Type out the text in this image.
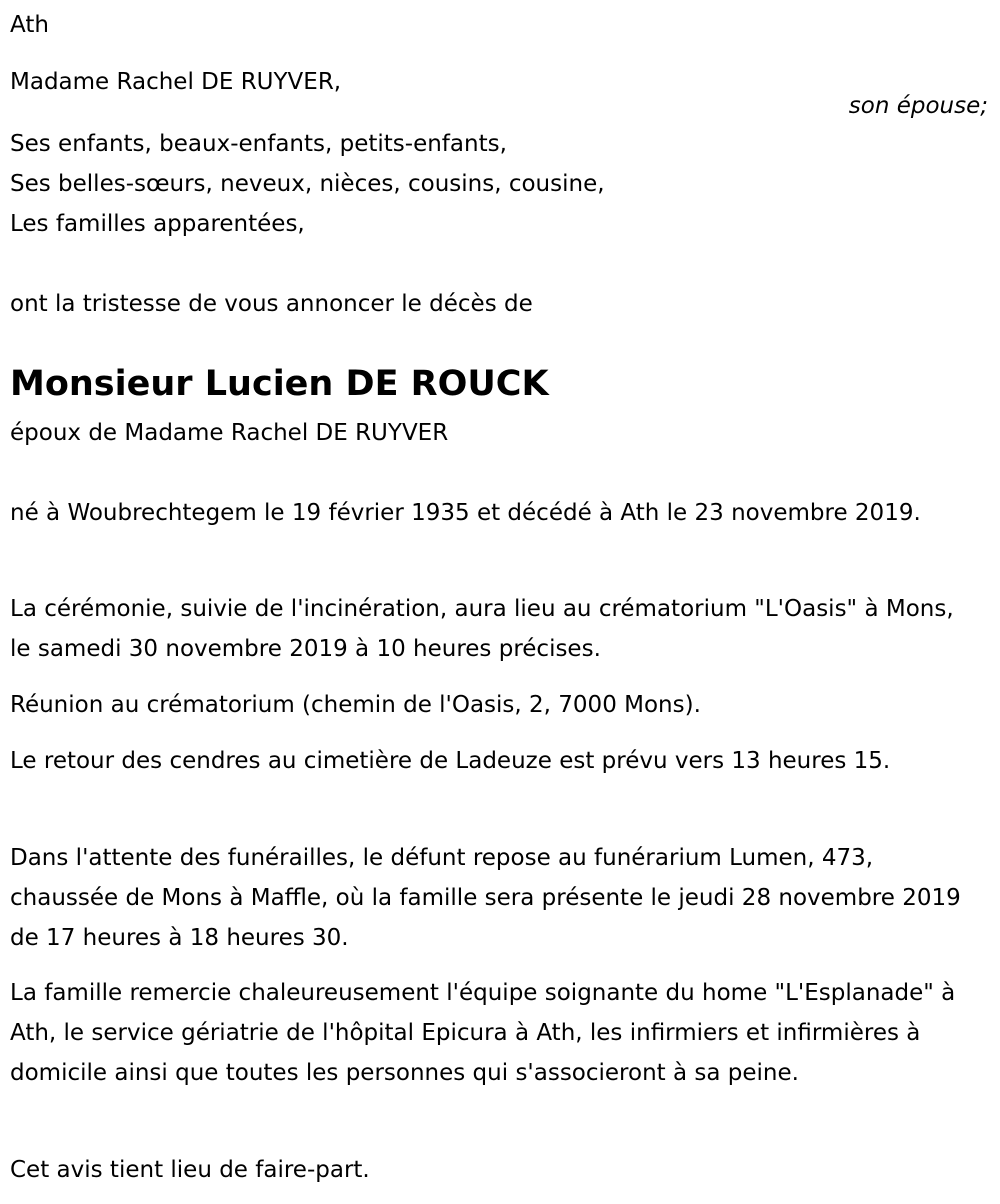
Ath
Madame Rachel DE RUYVER,
son épouse;
Ses enfants, beaux-enfants, petits-enfants,
Ses belles-sœurs, neveux, nièces, cousins, cousine,
Les familles apparentées,
ont la tristesse de vous annoncer le décès de
Monsieur Lucien DE ROUCK
époux de Madame Rachel DE RUYVER
né à Woubrechtegem le 19 février 1935 et décédé à Ath le 23 novembre 2019.
La cérémonie, suivie de l'incinération, aura lieu au crématorium "L'Oasis" à Mons, le samedi 30 novembre 2019 à 10 heures précises.
Réunion au crématorium (chemin de l'Oasis, 2, 7000 Mons).
Le retour des cendres au cimetière de Ladeuze est prévu vers 13 heures 15.
Dans l'attente des funérailles, le défunt repose au funérarium Lumen, 473, chaussée de Mons à Maffle, où la famille sera présente le jeudi 28 novembre 2019 de 17 heures à 18 heures 30.
La famille remercie chaleureusement l'équipe soignante du home "L'Esplanade" à Ath, le service gériatrie de l'hôpital Epicura à Ath, les infirmiers et infirmières à domicile ainsi que toutes les personnes qui s'associeront à sa peine.
Cet avis tient lieu de faire-part.
